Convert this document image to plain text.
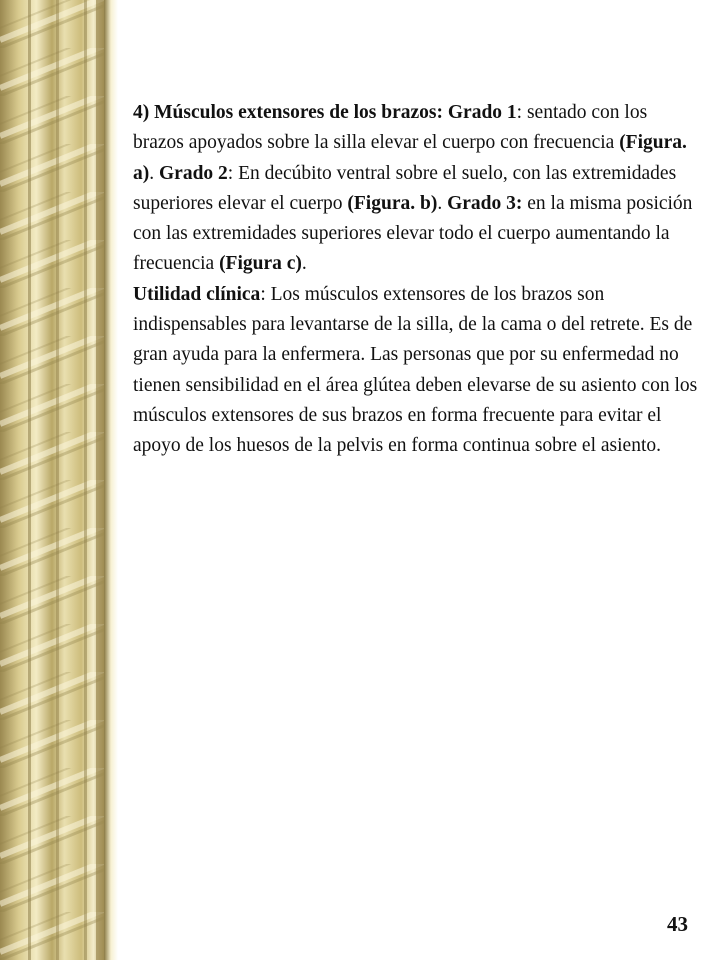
4) Músculos extensores de los brazos: Grado 1: sentado con los brazos apoyados sobre la silla elevar el cuerpo con frecuencia (Figura. a). Grado 2: En decúbito ventral sobre el suelo, con las extremidades superiores elevar el cuerpo (Figura. b). Grado 3: en la misma posición con las extremidades superiores elevar todo el cuerpo aumentando la frecuencia (Figura c).

Utilidad clínica: Los músculos extensores de los brazos son indispensables para levantarse de la silla, de la cama o del retrete. Es de gran ayuda para la enfermera. Las personas que por su enfermedad no tienen sensibilidad en el área glútea deben elevarse de su asiento con los músculos extensores de sus brazos en forma frecuente para evitar el apoyo de los huesos de la pelvis en forma continua sobre el asiento.

43
